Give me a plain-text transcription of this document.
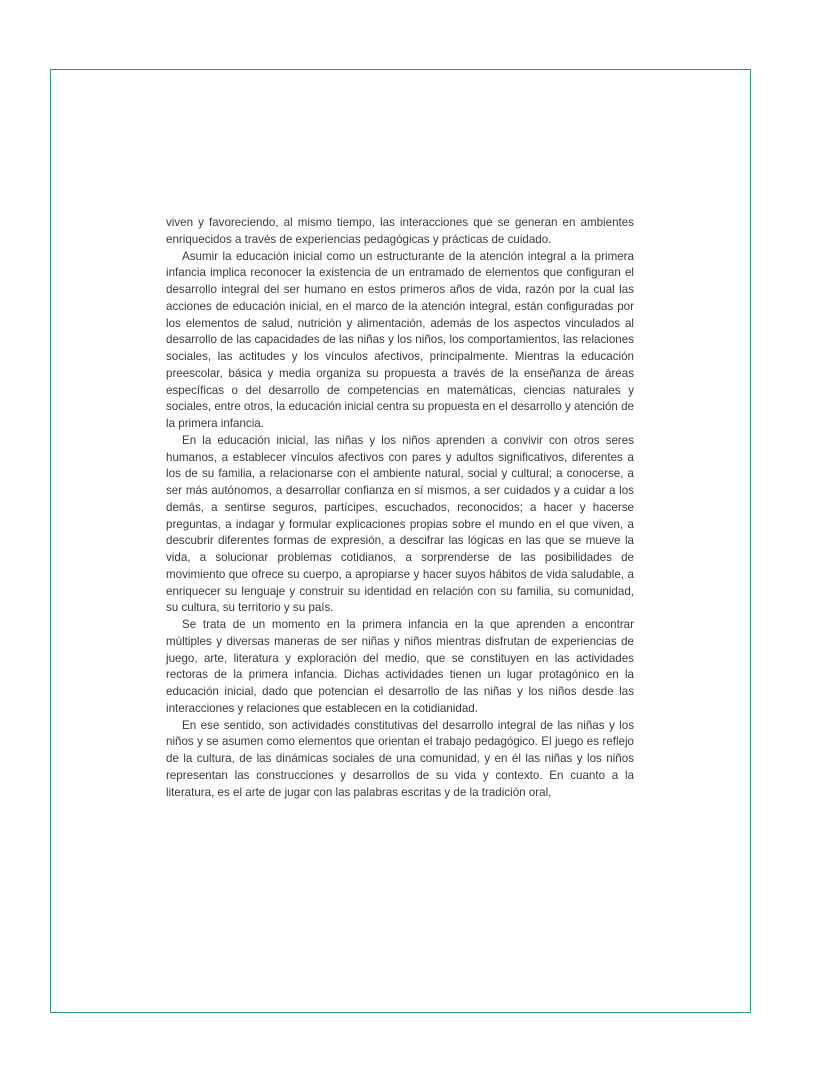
viven y favoreciendo, al mismo tiempo, las interacciones que se generan en ambientes enriquecidos a través de experiencias pedagógicas y prácticas de cuidado.

Asumir la educación inicial como un estructurante de la atención integral a la primera infancia implica reconocer la existencia de un entramado de elementos que configuran el desarrollo integral del ser humano en estos primeros años de vida, razón por la cual las acciones de educación inicial, en el marco de la atención integral, están configuradas por los elementos de salud, nutrición y alimentación, además de los aspectos vinculados al desarrollo de las capacidades de las niñas y los niños, los comportamientos, las relaciones sociales, las actitudes y los vínculos afectivos, principalmente. Mientras la educación preescolar, básica y media organiza su propuesta a través de la enseñanza de áreas específicas o del desarrollo de competencias en matemáticas, ciencias naturales y sociales, entre otros, la educación inicial centra su propuesta en el desarrollo y atención de la primera infancia.

En la educación inicial, las niñas y los niños aprenden a convivir con otros seres humanos, a establecer vínculos afectivos con pares y adultos significativos, diferentes a los de su familia, a relacionarse con el ambiente natural, social y cultural; a conocerse, a ser más autónomos, a desarrollar confianza en sí mismos, a ser cuidados y a cuidar a los demás, a sentirse seguros, partícipes, escuchados, reconocidos; a hacer y hacerse preguntas, a indagar y formular explicaciones propias sobre el mundo en el que viven, a descubrir diferentes formas de expresión, a descifrar las lógicas en las que se mueve la vida, a solucionar problemas cotidianos, a sorprenderse de las posibilidades de movimiento que ofrece su cuerpo, a apropiarse y hacer suyos hábitos de vida saludable, a enriquecer su lenguaje y construir su identidad en relación con su familia, su comunidad, su cultura, su territorio y su país.

Se trata de un momento en la primera infancia en la que aprenden a encontrar múltiples y diversas maneras de ser niñas y niños mientras disfrutan de experiencias de juego, arte, literatura y exploración del medio, que se constituyen en las actividades rectoras de la primera infancia. Dichas actividades tienen un lugar protagónico en la educación inicial, dado que potencian el desarrollo de las niñas y los niños desde las interacciones y relaciones que establecen en la cotidianidad.

En ese sentido, son actividades constitutivas del desarrollo integral de las niñas y los niños y se asumen como elementos que orientan el trabajo pedagógico. El juego es reflejo de la cultura, de las dinámicas sociales de una comunidad, y en él las niñas y los niños representan las construcciones y desarrollos de su vida y contexto. En cuanto a la literatura, es el arte de jugar con las palabras escritas y de la tradición oral,
